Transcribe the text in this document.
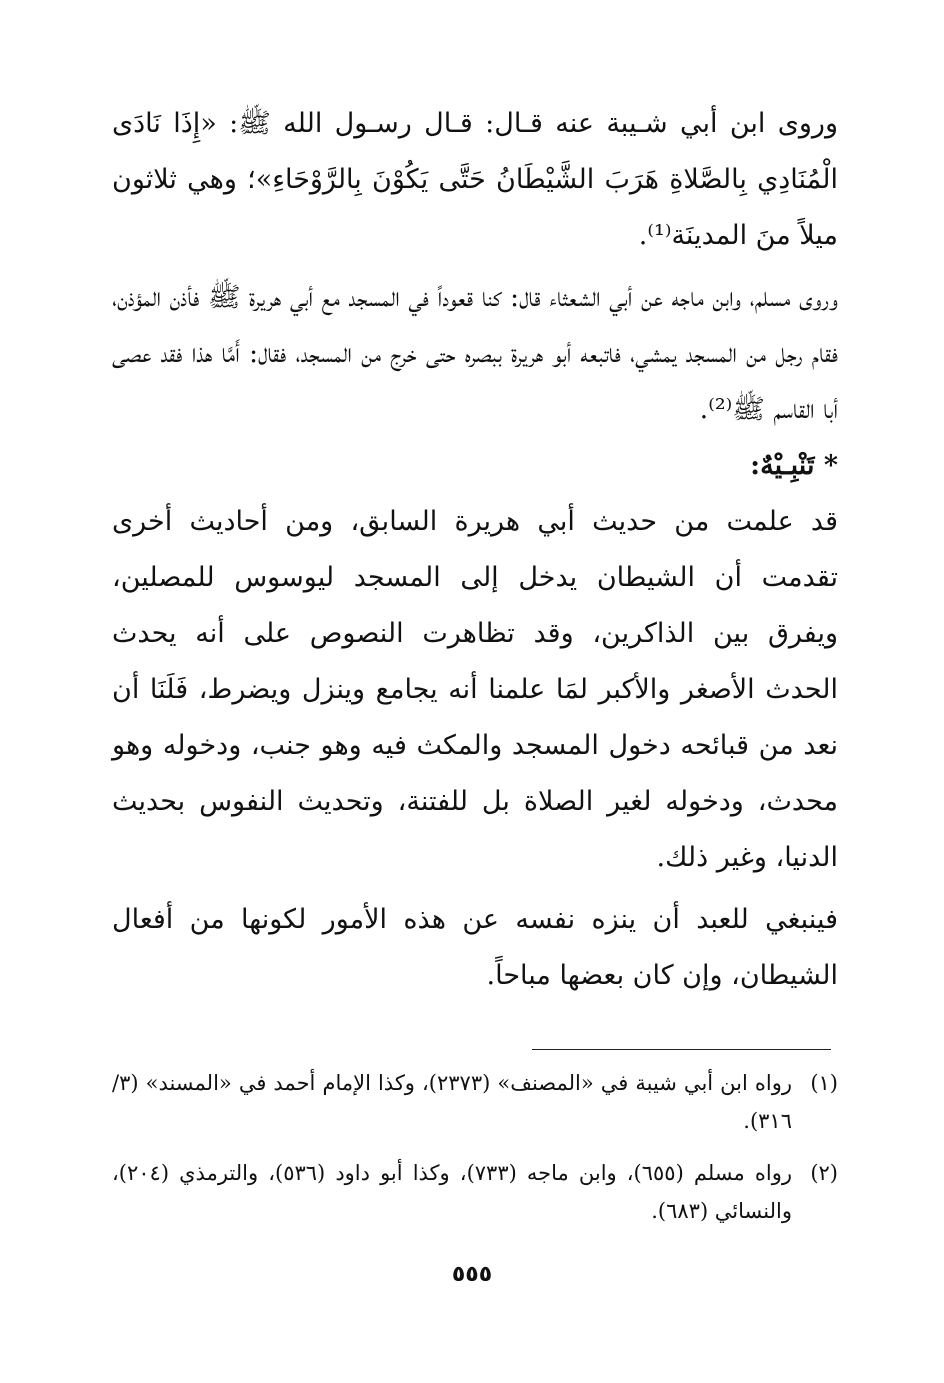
وروى ابن أبي شـيبة عنه قـال: قـال رسـول الله ﷺ: «إِذَا نَادَى الْمُنَادِي بِالصَّلاةِ هَرَبَ الشَّيْطَانُ حَتَّى يَكُوْنَ بِالرَّوْحَاءِ»؛ وهي ثلاثون ميلاً منَ المدينَة⁽¹⁾.

وروى مسلم، وابن ماجه عن أبي الشعثاء قال: كنا قعوداً في المسجد مع أبي هريرة ﷺ فأذن المؤذن، فقام رجل من المسجد يمشي، فاتبعه أبو هريرة ببصره حتى خرج من المسجد، فقال: أَمَّا هذا فقد عصى أبا القاسم ﷺ⁽²⁾.

* تَنْبِـيْهٌ:

قد علمت من حديث أبي هريرة السابق، ومن أحاديث أخرى تقدمت أن الشيطان يدخل إلى المسجد ليوسوس للمصلين، ويفرق بين الذاكرين، وقد تظاهرت النصوص على أنه يحدث الحدث الأصغر والأكبر لمَا علمنا أنه يجامع وينزل ويضرط، فَلَنَا أن نعد من قبائحه دخول المسجد والمكث فيه وهو جنب، ودخوله وهو محدث، ودخوله لغير الصلاة بل للفتنة، وتحديث النفوس بحديث الدنيا، وغير ذلك.

فينبغي للعبد أن ينزه نفسه عن هذه الأمور لكونها من أفعال الشيطان، وإن كان بعضها مباحاً.

(١)
رواه ابن أبي شيبة في «المصنف» (٢٣٧٣)، وكذا الإمام أحمد في «المسند» (٣/ ٣١٦).
(٢)
رواه مسلم (٦٥٥)، وابن ماجه (٧٣٣)، وكذا أبو داود (٥٣٦)، والترمذي (٢٠٤)، والنسائي (٦٨٣).
٥٥٥
